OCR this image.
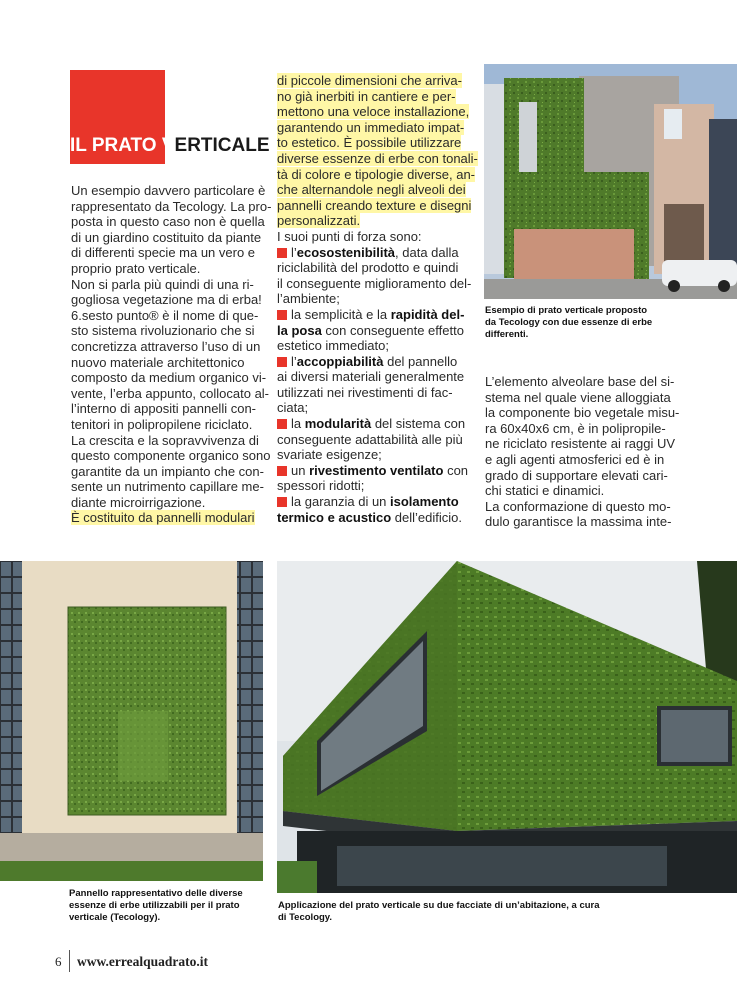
IL PRATO VERTICALE
Un esempio davvero particolare è
rappresentato da Tecology. La pro-
posta in questo caso non è quella
di un giardino costituito da piante
di differenti specie ma un vero e
proprio prato verticale.
Non si parla più quindi di una ri-
gogliosa vegetazione ma di erba!
6.sesto punto® è il nome di que-
sto sistema rivoluzionario che si
concretizza attraverso l’uso di un
nuovo materiale architettonico
composto da medium organico vi-
vente, l’erba appunto, collocato al-
l’interno di appositi pannelli con-
tenitori in polipropilene riciclato.
La crescita e la sopravvivenza di
questo componente organico sono
garantite da un impianto che con-
sente un nutrimento capillare me-
diante microirrigazione.
È costituito da pannelli modulari
di piccole dimensioni che arriva-
no già inerbiti in cantiere e per-
mettono una veloce installazione,
garantendo un immediato impat-
to estetico. È possibile utilizzare
diverse essenze di erbe con tonali-
tà di colore e tipologie diverse, an-
che alternandole negli alveoli dei
pannelli creando texture e disegni
personalizzati.
I suoi punti di forza sono:
l’ecosostenibilità, data dalla
riciclabilità del prodotto e quindi
il conseguente miglioramento del-
l’ambiente;
la semplicità e la rapidità del-
la posa con conseguente effetto
estetico immediato;
l’accoppiabilità del pannello
ai diversi materiali generalmente
utilizzati nei rivestimenti di fac-
ciata;
la modularità del sistema con
conseguente adattabilità alle più
svariate esigenze;
un rivestimento ventilato con
spessori ridotti;
la garanzia di un isolamento
termico e acustico dell’edificio.
Esempio di prato verticale proposto
da Tecology con due essenze di erbe
differenti.
L’elemento alveolare base del si-
stema nel quale viene alloggiata
la componente bio vegetale misu-
ra 60x40x6 cm, è in polipropile-
ne riciclato resistente ai raggi UV
e agli agenti atmosferici ed è in
grado di supportare elevati cari-
chi statici e dinamici.
La conformazione di questo mo-
dulo garantisce la massima inte-
Pannello rappresentativo delle diverse
essenze di erbe utilizzabili per il prato
verticale (Tecology).
Applicazione del prato verticale su due facciate di un’abitazione, a cura
di Tecology.
6 www.errealquadrato.it
